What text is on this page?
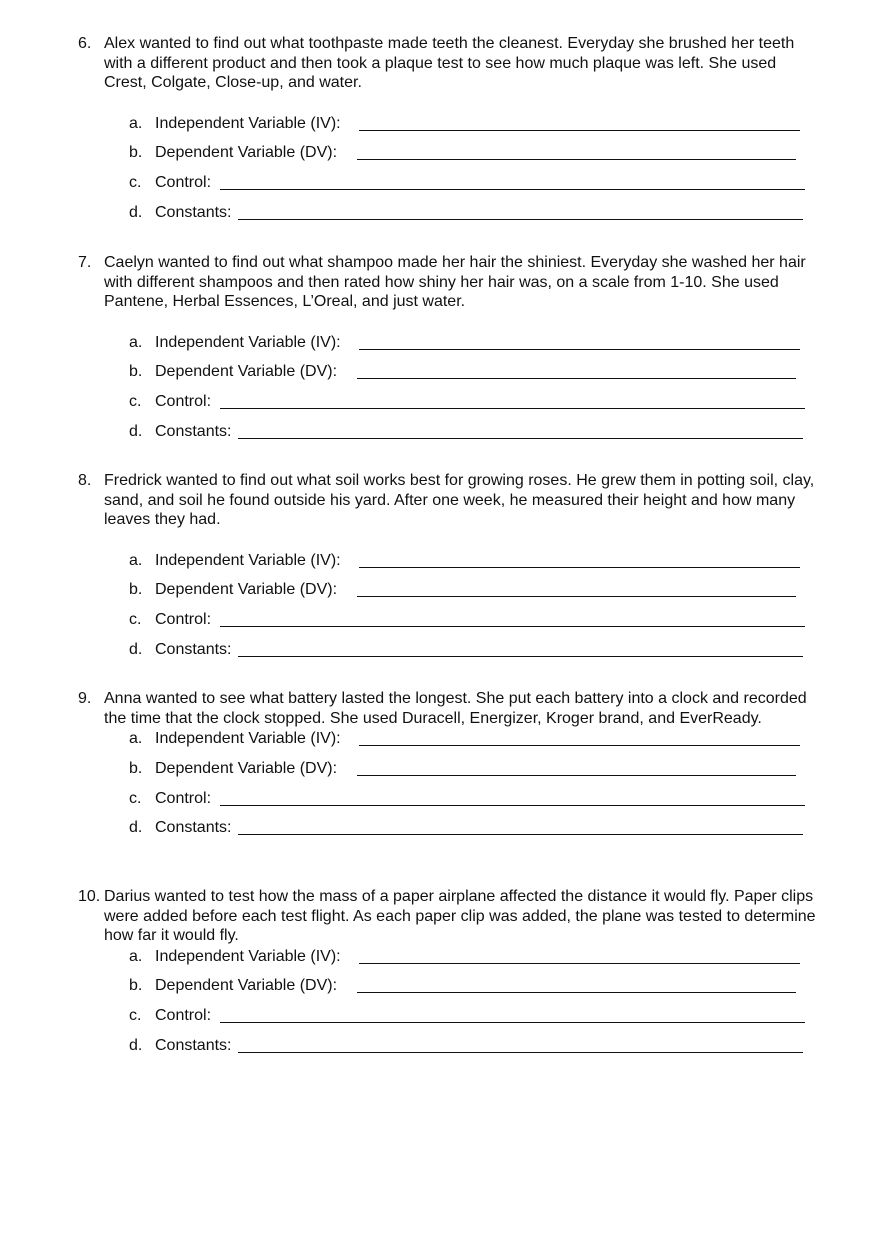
6. Alex wanted to find out what toothpaste made teeth the cleanest. Everyday she brushed her teeth with a different product and then took a plaque test to see how much plaque was left. She used Crest, Colgate, Close-up, and water.
a. Independent Variable (IV):
b. Dependent Variable (DV):
c. Control:
d. Constants:
7. Caelyn wanted to find out what shampoo made her hair the shiniest. Everyday she washed her hair with different shampoos and then rated how shiny her hair was, on a scale from 1-10. She used Pantene, Herbal Essences, L’Oreal, and just water.
a. Independent Variable (IV):
b. Dependent Variable (DV):
c. Control:
d. Constants:
8. Fredrick wanted to find out what soil works best for growing roses. He grew them in potting soil, clay, sand, and soil he found outside his yard. After one week, he measured their height and how many leaves they had.
a. Independent Variable (IV):
b. Dependent Variable (DV):
c. Control:
d. Constants:
9. Anna wanted to see what battery lasted the longest. She put each battery into a clock and recorded the time that the clock stopped. She used Duracell, Energizer, Kroger brand, and EverReady.
a. Independent Variable (IV):
b. Dependent Variable (DV):
c. Control:
d. Constants:
10. Darius wanted to test how the mass of a paper airplane affected the distance it would fly. Paper clips were added before each test flight. As each paper clip was added, the plane was tested to determine how far it would fly.
a. Independent Variable (IV):
b. Dependent Variable (DV):
c. Control:
d. Constants:
